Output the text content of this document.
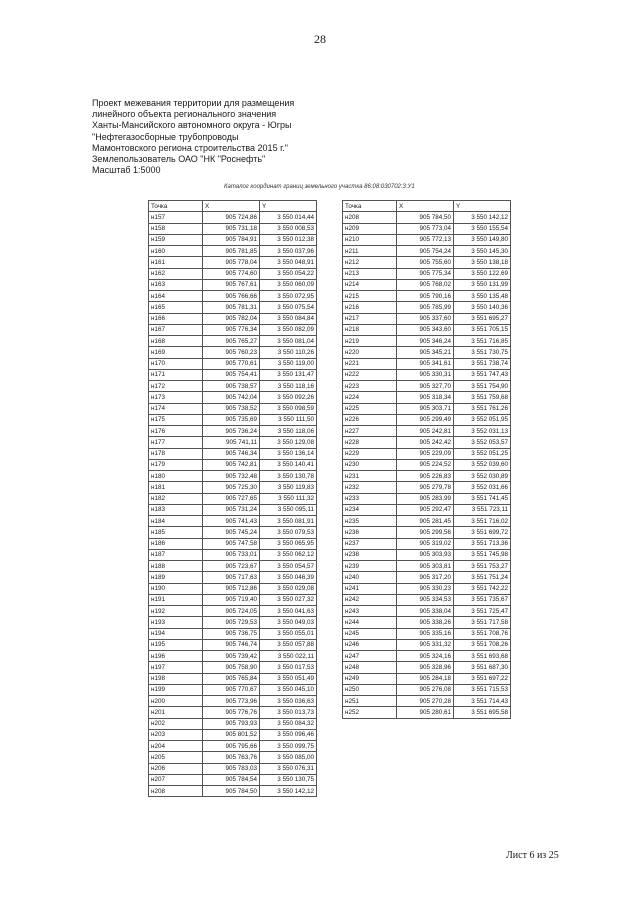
28
Проект межевания территории для размещения
линейного объекта регионального значения
Ханты-Мансийского автономного округа - Югры
"Нефтегазосборные трубопроводы
Мамонтовского региона строительства 2015 г."
Землепользователь ОАО "НК "Роснефть"
Масштаб 1:5000
Каталог координат границ земельного участка 86:08:030702:3:У1
Точка	X	Y
н157	905 724,86	3 550 014,44
н158	905 731,18	3 550 008,53
н159	905 784,91	3 550 012,38
н160	905 781,85	3 550 037,96
н161	905 778,04	3 550 048,91
н162	905 774,60	3 550 054,22
н163	905 767,61	3 550 060,09
н164	905 766,66	3 550 072,95
н165	905 781,31	3 550 075,54
н166	905 782,04	3 550 084,84
н167	905 776,34	3 550 082,09
н168	905 765,27	3 550 081,04
н169	905 760,23	3 550 110,26
н170	905 770,61	3 550 119,00
н171	905 754,41	3 550 131,47
н172	905 738,57	3 550 118,16
н173	905 742,04	3 550 092,26
н174	905 738,52	3 550 098,59
н175	905 735,69	3 550 111,50
н176	905 736,24	3 550 118,06
н177	905 741,11	3 550 129,08
н178	905 746,34	3 550 136,14
н179	905 742,81	3 550 140,41
н180	905 732,48	3 550 130,78
н181	905 725,30	3 550 119,83
н182	905 727,65	3 550 111,32
н183	905 731,24	3 550 095,11
н184	905 741,43	3 550 081,91
н185	905 745,24	3 550 079,53
н186	905 747,58	3 550 065,95
н187	905 733,01	3 550 062,12
н188	905 723,67	3 550 054,57
н189	905 717,63	3 550 046,39
н190	905 712,86	3 550 029,08
н191	905 719,40	3 550 027,32
н192	905 724,05	3 550 041,63
н193	905 729,53	3 550 049,03
н194	905 736,75	3 550 055,01
н195	905 746,74	3 550 057,88
н196	905 739,42	3 550 022,11
н197	905 758,90	3 550 017,53
н198	905 765,84	3 550 051,49
н199	905 770,67	3 550 045,10
н200	905 773,96	3 550 036,63
н201	905 776,76	3 550 013,73
н202	905 793,93	3 550 084,32
н203	905 801,52	3 550 096,46
н204	905 795,66	3 550 099,75
н205	905 763,76	3 550 085,00
н206	905 783,03	3 550 076,31
н207	905 784,54	3 550 130,75
н208	905 784,50	3 550 142,12
Точка	X	Y
н208	905 784,50	3 550 142,12
н209	905 773,04	3 550 155,54
н210	905 772,13	3 550 149,80
н211	905 754,24	3 550 145,30
н212	905 755,60	3 550 138,18
н213	905 775,34	3 550 122,69
н214	905 768,02	3 550 131,99
н215	905 790,16	3 550 135,48
н216	905 785,99	3 550 140,36
н217	905 337,60	3 551 695,27
н218	905 343,60	3 551 705,15
н219	905 346,24	3 551 716,85
н220	905 345,21	3 551 730,75
н221	905 341,61	3 551 738,74
н222	905 330,31	3 551 747,43
н223	905 327,70	3 551 754,90
н224	905 318,34	3 551 759,68
н225	905 303,71	3 551 761,26
н226	905 299,49	3 552 051,95
н227	905 242,81	3 552 031,13
н228	905 242,42	3 552 053,57
н229	905 229,09	3 552 051,25
н230	905 224,52	3 552 039,60
н231	905 226,83	3 552 030,89
н232	905 279,78	3 552 031,66
н233	905 283,99	3 551 741,45
н234	905 292,47	3 551 723,11
н235	905 281,45	3 551 716,02
н236	905 299,56	3 551 699,72
н237	905 319,02	3 551 713,36
н238	905 303,93	3 551 745,98
н239	905 303,81	3 551 753,27
н240	905 317,20	3 551 751,24
н241	905 330,23	3 551 742,22
н242	905 334,53	3 551 735,67
н243	905 338,04	3 551 725,47
н244	905 338,26	3 551 717,58
н245	905 335,16	3 551 708,76
н246	905 331,32	3 551 708,26
н247	905 324,16	3 551 693,68
н248	905 328,96	3 551 687,30
н249	905 284,18	3 551 697,22
н250	905 276,08	3 551 715,53
н251	905 270,28	3 551 714,43
н252	905 280,61	3 551 695,58
Лист 6 из 25
